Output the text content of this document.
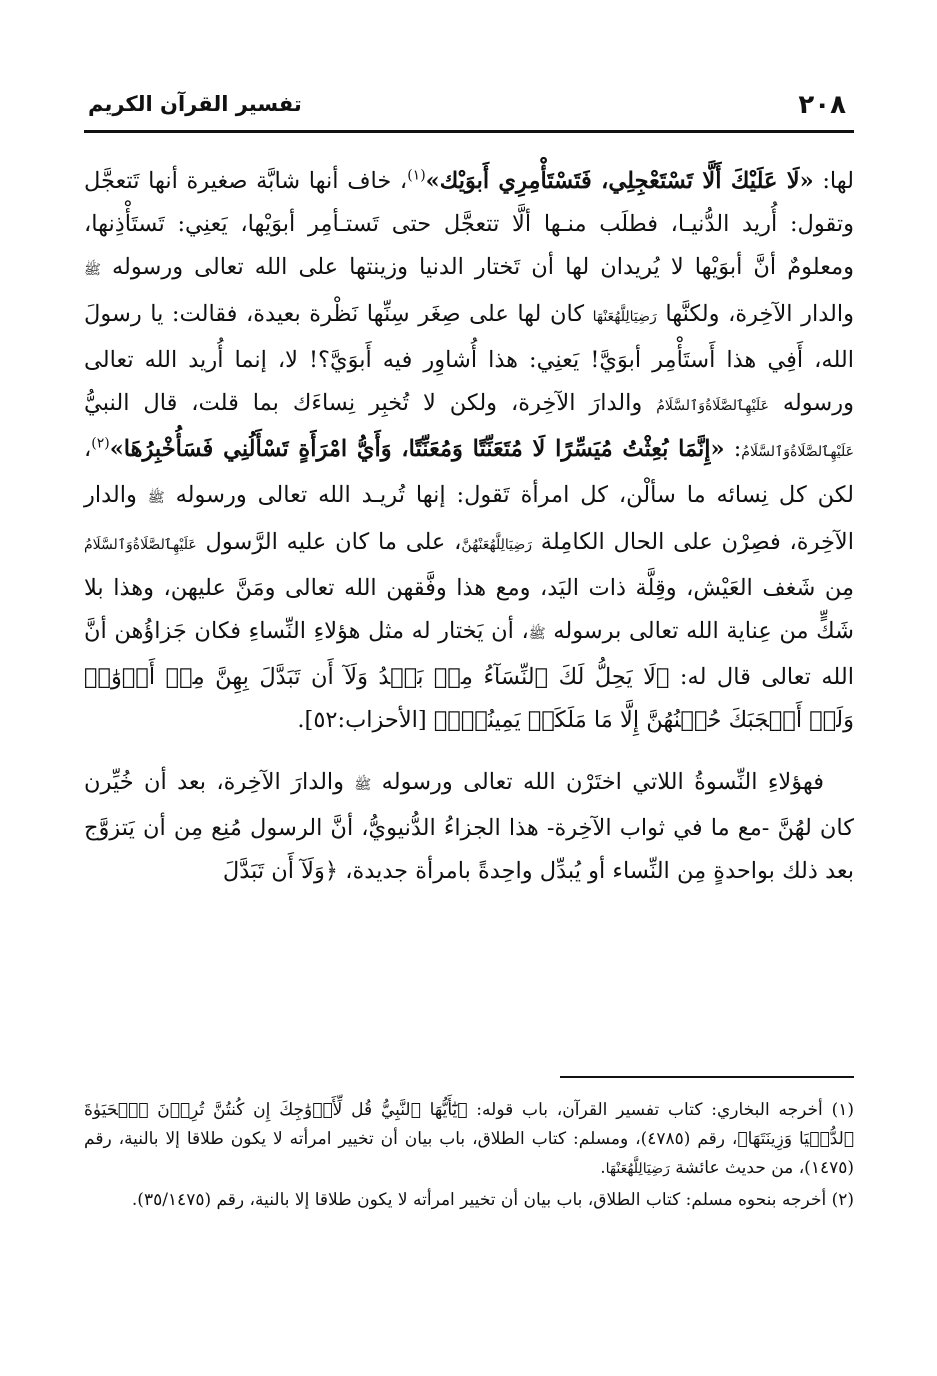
٢٠٨
تفسير القرآن الكريم

لها: «لَا عَلَيْكَ أَلَّا تَسْتَعْجِلِي، فَتَسْتَأْمِرِي أَبوَيْك»$^{(١)}$، خاف أنها شابَّة صغيرة أنها تَتعجَّل وتقول: أُريد الدُّنيـا، فطلَب منـها ألَّا تتعجَّل حتى تَستـأمِر أبوَيْها، يَعنِي: تَستَأْذِنها، ومعلومٌ أنَّ أبوَيْها لا يُريدان لها أن تَختار الدنيا وزينتها على الله تعالى ورسوله ﷺ والدار الآخِرة، ولكنَّها رَضِيَالِلَّهُعَنْهَا كان لها على صِغَر سِنِّها نَظْرة بعيدة، فقالت: يا رسولَ الله، أَفِي هذا أَستَأْمِر أبوَيَّ! يَعنِي: هذا أُشاوِر فيه أَبوَيَّ؟! لا، إنما أُريد الله تعالى ورسوله عَلَيْهِٱلصَّلَاةُوَٱلسَّلَامُ والدارَ الآخِرة، ولكن لا تُخبِر نِساءَك بما قلت، قال النبيُّ عَلَيْهِٱلصَّلَاةُوَٱلسَّلَامُ: «إِنَّمَا بُعِثْتُ مُيَسِّرًا لَا مُتَعَنِّتًا وَمُعَنِّتًا، وَأَيُّ امْرَأَةٍ تَسْأَلُنِي فَسَأُخْبِرُهَا»$^{(٢)}$، لكن كل نِسائه ما سألْن، كل امرأة تَقول: إنها تُريـد الله تعالى ورسوله ﷺ والدار الآخِرة، فصِرْن على الحال الكامِلة رَضِيَالِلَّهُعَنْهُنَّ، على ما كان عليه الرَّسول عَلَيْهِٱلصَّلَاةُوَٱلسَّلَامُ مِن شَغف العَيْش، وقِلَّة ذات اليَد، ومع هذا وفَّقهن الله تعالى ومَنَّ عليهن، وهذا بلا شَكٍّ من عِناية الله تعالى برسوله ﷺ، أن يَختار له مثل هؤلاءِ النِّساءِ فكان جَزاؤُهن أنَّ الله تعالى قال له: ﴿لَا يَحِلُّ لَكَ ٱلنِّسَآءُ مِنۢ بَعۡدُ وَلَآ أَن تَبَدَّلَ بِهِنَّ مِنۡ أَزۡوَٰجٖ وَلَوۡ أَعۡجَبَكَ حُسۡنُهُنَّ إِلَّا مَا مَلَكَتۡ يَمِينُكَۗ﴾ [الأحزاب:٥٢].

فهؤلاءِ النِّسوةُ اللاتي اختَرْن الله تعالى ورسوله ﷺ والدارَ الآخِرة، بعد أن خُيِّرن كان لهُنَّ -مع ما في ثواب الآخِرة- هذا الجزاءُ الدُّنيويُّ، أنَّ الرسول مُنِع مِن أن يَتزوَّج بعد ذلك بواحدةٍ مِن النِّساء أو يُبدِّل واحِدةً بامرأة جديدة، ﴿وَلَآ أَن تَبَدَّلَ

(١) أخرجه البخاري: كتاب تفسير القرآن، باب قوله: ﴿يَٰٓأَيُّهَا ٱلنَّبِيُّ قُل لِّأَزۡوَٰجِكَ إِن كُنتُنَّ تُرِدۡنَ ٱلۡحَيَوٰةَ ٱلدُّنۡيَا وَزِينَتَهَا﴾، رقم (٤٧٨٥)، ومسلم: كتاب الطلاق، باب بيان أن تخيير امرأته لا يكون طلاقا إلا بالنية، رقم (١٤٧٥)، من حديث عائشة رَضِيَالِلَّهُعَنْهَا.

(٢) أخرجه بنحوه مسلم: كتاب الطلاق، باب بيان أن تخيير امرأته لا يكون طلاقا إلا بالنية، رقم (٣٥/١٤٧٥).
